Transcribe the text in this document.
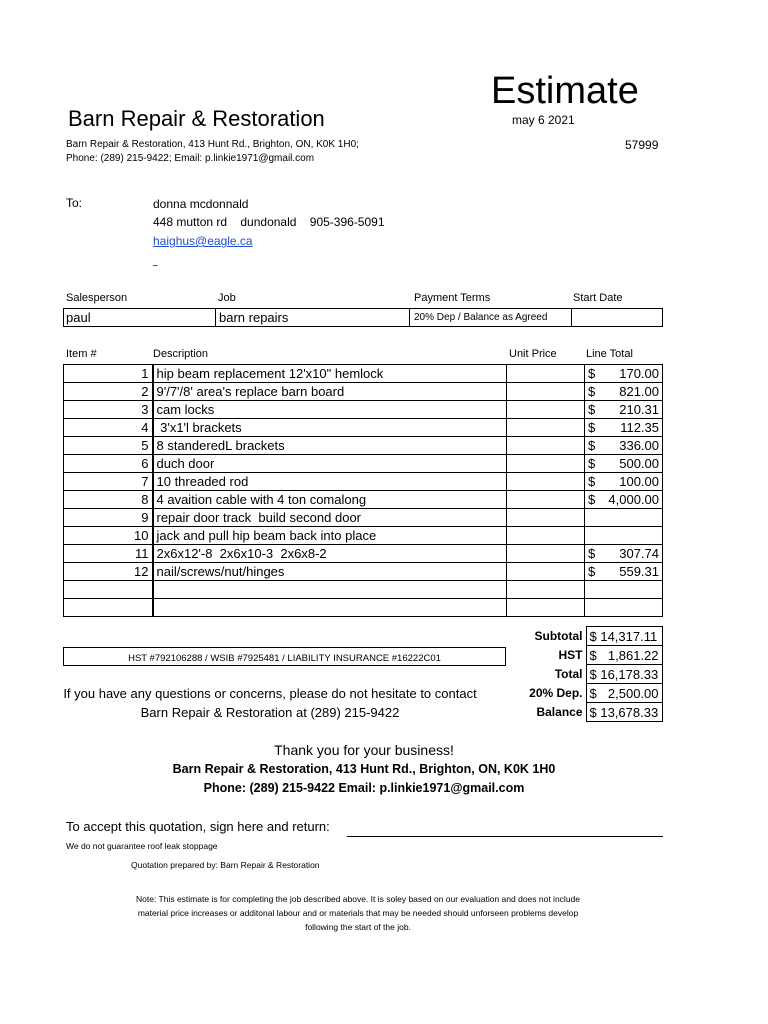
Estimate
Barn Repair & Restoration	may 6 2021
Barn Repair & Restoration, 413 Hunt Rd., Brighton, ON, K0K 1H0;
Phone: (289) 215-9422; Email: p.linkie1971@gmail.com
57999
To:	donna mcdonnald
448 mutton rd    dundonald    905-396-5091
haighus@eagle.ca
_
Salesperson	Job	Payment Terms	Start Date
paul	barn repairs	20% Dep / Balance as Agreed
Item #	Description	Unit Price	Line Total
1	hip beam replacement 12'x10" hemlock		$ 170.00

2	9'/7'/8' area's replace barn board		$ 821.00

3	cam locks		$ 210.31

4	3'x1'l brackets		$ 112.35

5	8 standeredL brackets		$ 336.00

6	duch door		$ 500.00

7	10 threaded rod		$ 100.00

8	4 avaition cable with 4 ton comalong		$ 4,000.00

9	repair door track  build second door		
10	jack and pull hip beam back into place		
11	2x6x12'-8  2x6x10-3  2x6x8-2		$ 307.74

12	nail/screws/nut/hinges		$ 559.31

Subtotal	$ 14,317.11
HST	$ 1,861.22

Total	$ 16,178.33
20% Dep.	$ 2,500.00

Balance	$ 13,678.33
HST #792106288 / WSIB #7925481 / LIABILITY INSURANCE #16222C01
If you have any questions or concerns, please do not hesitate to contact
Barn Repair & Restoration at (289) 215-9422
Thank you for your business!
Barn Repair & Restoration, 413 Hunt Rd., Brighton, ON, K0K 1H0
Phone: (289) 215-9422 Email: p.linkie1971@gmail.com
To accept this quotation, sign here and return:
We do not guarantee roof leak stoppage
Quotation prepared by: Barn Repair & Restoration
Note: This estimate is for completing the job described above. It is soley based on our evaluation and does not include material price increases or additonal labour and or materials that may be needed should unforseen problems develop following the start of the job.
